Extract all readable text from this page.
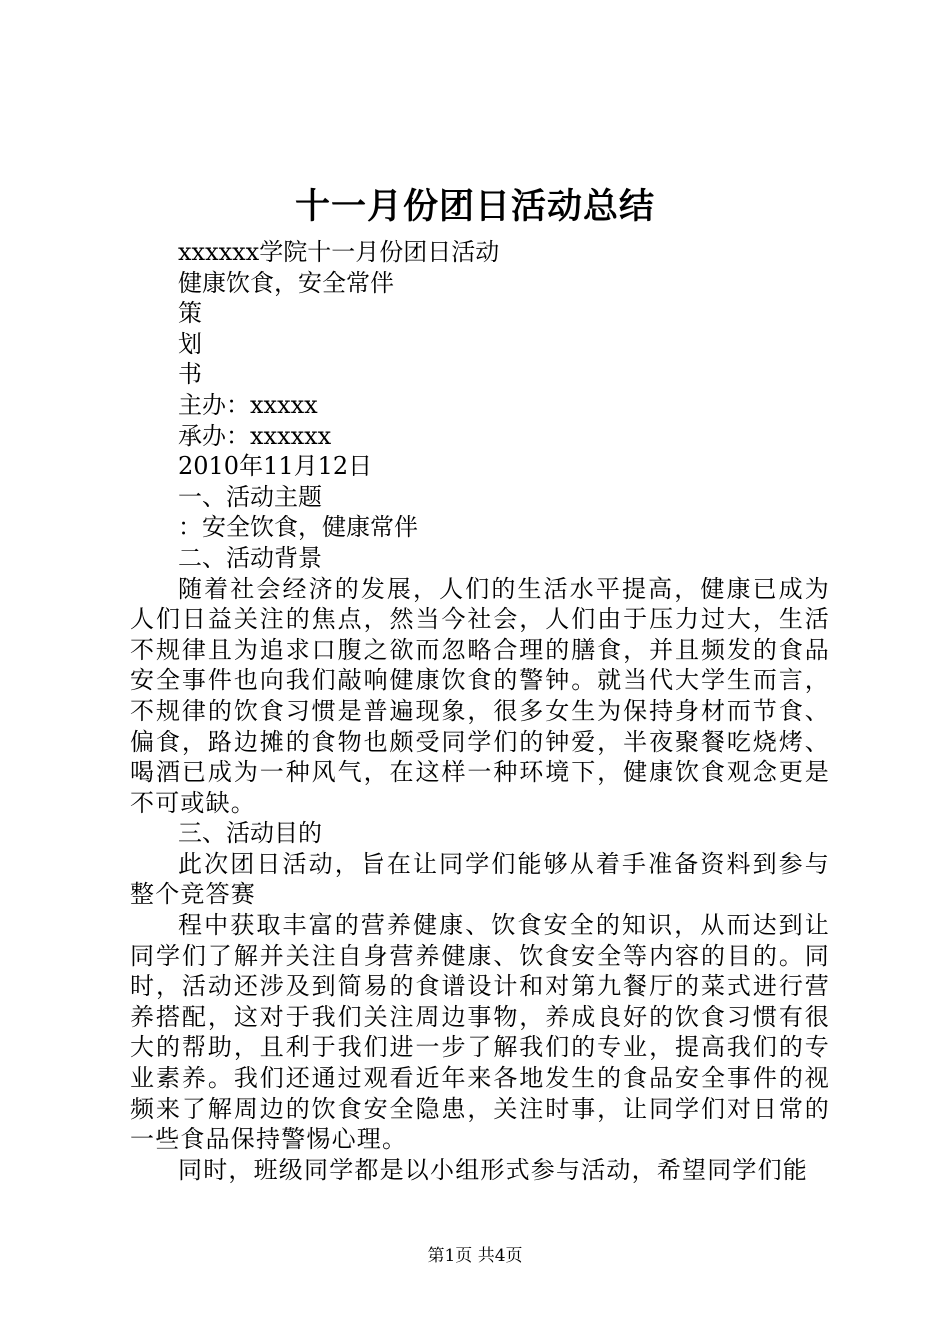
十一月份团日活动总结
xxxxxx学院十一月份团日活动
健康饮食，安全常伴
策
划
书
主办：xxxxx
承办：xxxxxx
2010年11月12日
一、活动主题
：安全饮食，健康常伴
二、活动背景
随着社会经济的发展，人们的生活水平提高，健康已成为人们日益关注的焦点，然当今社会，人们由于压力过大，生活不规律且为追求口腹之欲而忽略合理的膳食，并且频发的食品安全事件也向我们敲响健康饮食的警钟。就当代大学生而言，不规律的饮食习惯是普遍现象，很多女生为保持身材而节食、偏食，路边摊的食物也颇受同学们的钟爱，半夜聚餐吃烧烤、喝酒已成为一种风气，在这样一种环境下，健康饮食观念更是不可或缺。
三、活动目的
此次团日活动，旨在让同学们能够从着手准备资料到参与整个竞答赛
程中获取丰富的营养健康、饮食安全的知识，从而达到让同学们了解并关注自身营养健康、饮食安全等内容的目的。同时，活动还涉及到简易的食谱设计和对第九餐厅的菜式进行营养搭配，这对于我们关注周边事物，养成良好的饮食习惯有很大的帮助，且利于我们进一步了解我们的专业，提高我们的专业素养。我们还通过观看近年来各地发生的食品安全事件的视频来了解周边的饮食安全隐患，关注时事，让同学们对日常的一些食品保持警惕心理。
同时，班级同学都是以小组形式参与活动，希望同学们能
第1页 共4页
